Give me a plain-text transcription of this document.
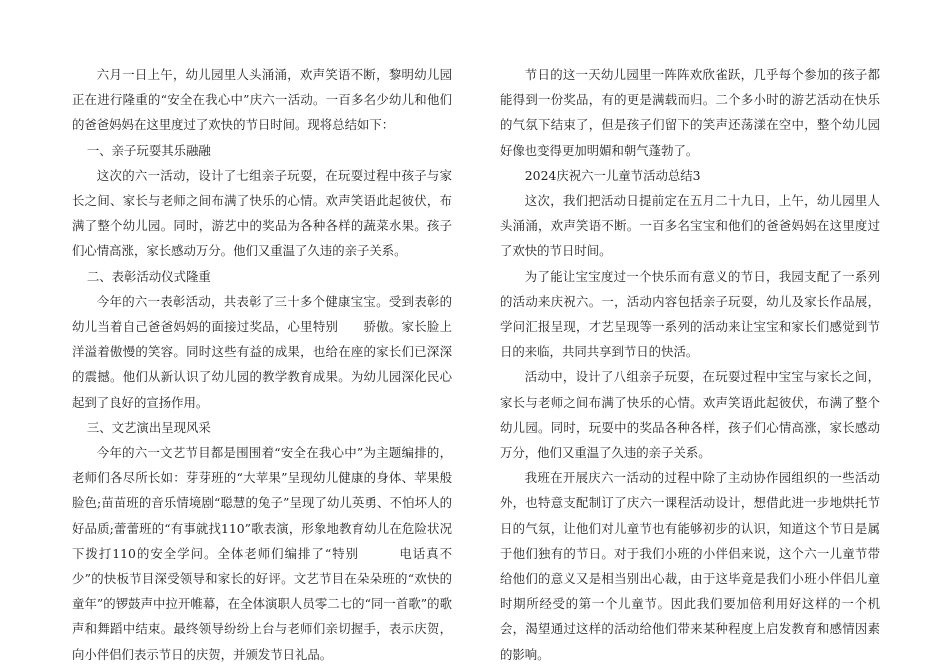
六月一日上午，幼儿园里人头涌涌，欢声笑语不断，黎明幼儿园正在进行隆重的“安全在我心中”庆六一活动。一百多名少幼儿和他们的爸爸妈妈在这里度过了欢快的节日时间。现将总结如下：

一、亲子玩耍其乐融融

这次的六一活动，设计了七组亲子玩耍，在玩耍过程中孩子与家长之间、家长与老师之间布满了快乐的心情。欢声笑语此起彼伏，布满了整个幼儿园。同时，游艺中的奖品为各种各样的蔬菜水果。孩子们心情高涨，家长感动万分。他们又重温了久违的亲子关系。

二、表彰活动仪式隆重

今年的六一表彰活动，共表彰了三十多个健康宝宝。受到表彰的幼儿当着自己爸爸妈妈的面接过奖品，心里特别　　骄傲。家长脸上洋溢着傲慢的笑容。同时这些有益的成果，也给在座的家长们已深深的震撼。他们从新认识了幼儿园的教学教育成果。为幼儿园深化民心起到了良好的宣扬作用。

三、文艺演出呈现风采

今年的六一文艺节目都是围围着“安全在我心中”为主题编排的，老师们各尽所长如：芽芽班的“大苹果”呈现幼儿健康的身体、苹果般脸色;苗苗班的音乐情境剧“聪慧的兔子”呈现了幼儿英勇、不怕坏人的好品质;蕾蕾班的“有事就找110”歌表演，形象地教育幼儿在危险状况下拨打110的安全学问。全体老师们编排了“特别　　　电话真不少”的快板节目深受领导和家长的好评。文艺节目在朵朵班的“欢快的童年”的锣鼓声中拉开帷幕，在全体演职人员零二七的“同一首歌”的歌声和舞蹈中结束。最终领导纷纷上台与老师们亲切握手，表示庆贺，向小伴侣们表示节日的庆贺，并颁发节日礼品。

节日的这一天幼儿园里一阵阵欢欣雀跃，几乎每个参加的孩子都能得到一份奖品，有的更是满载而归。二个多小时的游艺活动在快乐的气氛下结束了，但是孩子们留下的笑声还荡漾在空中，整个幼儿园好像也变得更加明媚和朝气蓬勃了。

2024庆祝六一儿童节活动总结3

这次，我们把活动日提前定在五月二十九日，上午，幼儿园里人头涌涌，欢声笑语不断。一百多名宝宝和他们的爸爸妈妈在这里度过了欢快的节日时间。

为了能让宝宝度过一个快乐而有意义的节日，我园支配了一系列的活动来庆祝六。一，活动内容包括亲子玩耍，幼儿及家长作品展，学问汇报呈现，才艺呈现等一系列的活动来让宝宝和家长们感觉到节日的来临，共同共享到节日的快活。

活动中，设计了八组亲子玩耍，在玩耍过程中宝宝与家长之间，家长与老师之间布满了快乐的心情。欢声笑语此起彼伏，布满了整个幼儿园。同时，玩耍中的奖品各种各样，孩子们心情高涨，家长感动万分，他们又重温了久违的亲子关系。

我班在开展庆六一活动的过程中除了主动协作园组织的一些活动外，也特意支配制订了庆六一课程活动设计，想借此进一步地烘托节日的气氛，让他们对儿童节也有能够初步的认识，知道这个节日是属于他们独有的节日。对于我们小班的小伴侣来说，这个六一儿童节带给他们的意义又是相当别出心裁，由于这毕竟是我们小班小伴侣儿童时期所经受的第一个儿童节。因此我们要加倍利用好这样的一个机会，渴望通过这样的活动给他们带来某种程度上启发教育和感情因素的影响。
